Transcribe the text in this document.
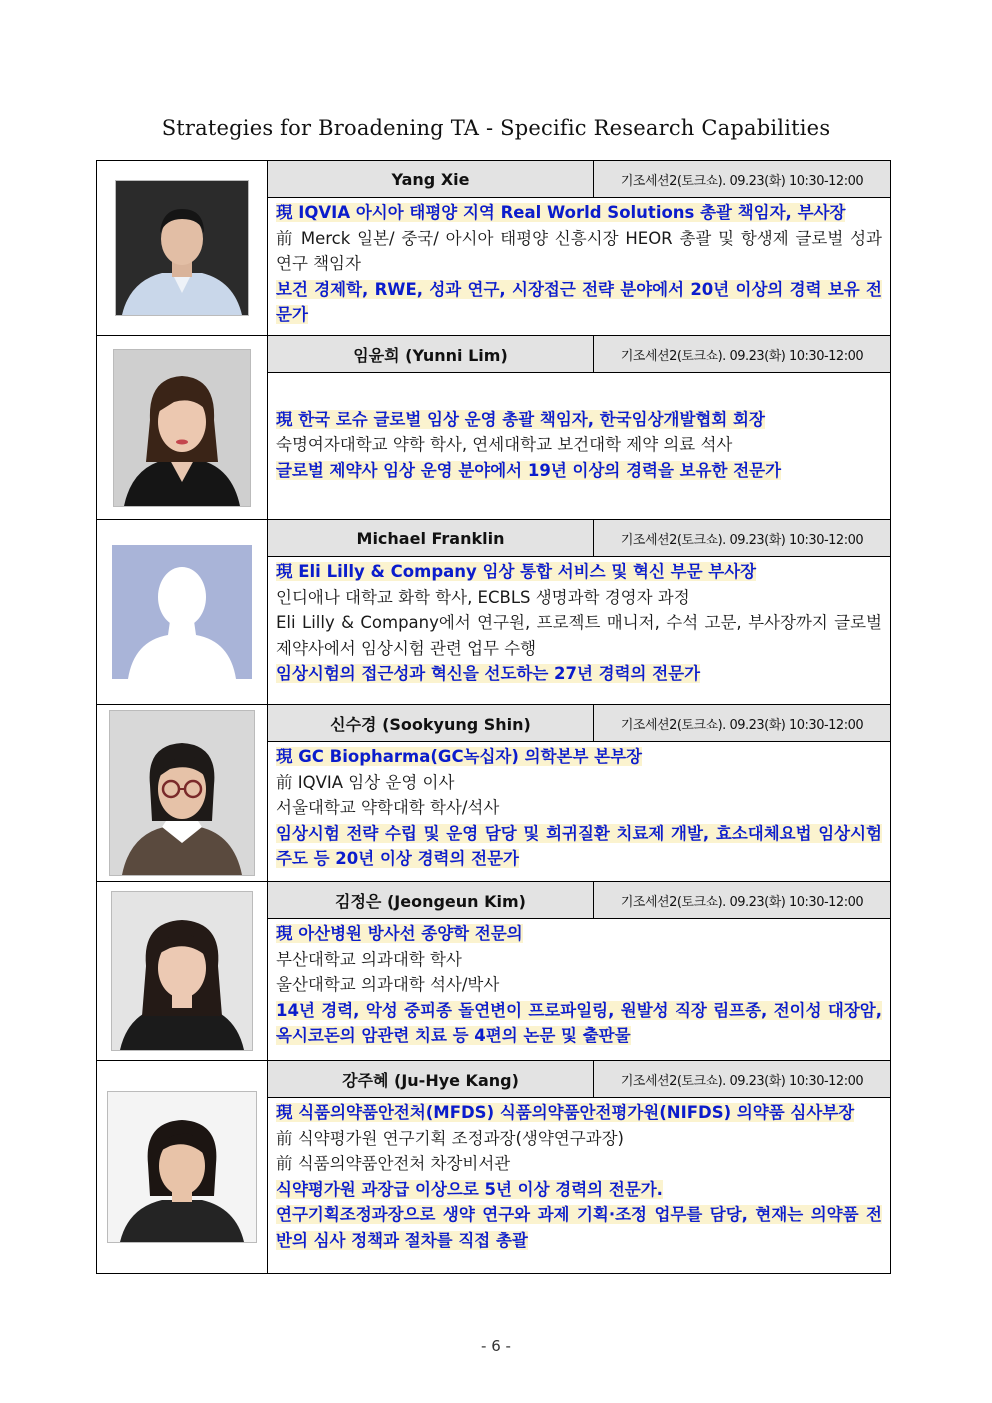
Strategies for Broadening TA - Specific Research Capabilities
	Yang Xie	기조세션2(토크쇼). 09.23(화) 10:30-12:00

	現 IQVIA 아시아 태평양 지역 Real World Solutions 총괄 책임자, 부사장
前 Merck 일본/ 중국/ 아시아 태평양 신흥시장 HEOR 총괄 및 항생제 글로벌 성과 연구 책임자
보건 경제학, RWE, 성과 연구, 시장접근 전략 분야에서 20년 이상의 경력 보유 전문가	

	임윤희 (Yunni Lim)	기조세션2(토크쇼). 09.23(화) 10:30-12:00

	現 한국 로슈 글로벌 임상 운영 총괄 책임자, 한국임상개발협회 회장
숙명여자대학교 약학 학사, 연세대학교 보건대학 제약 의료 석사
글로벌 제약사 임상 운영 분야에서 19년 이상의 경력을 보유한 전문가	

	Michael Franklin	기조세션2(토크쇼). 09.23(화) 10:30-12:00

	現 Eli Lilly & Company 임상 통합 서비스 및 혁신 부문 부사장
인디애나 대학교 화학 학사, ECBLS 생명과학 경영자 과정
Eli Lilly & Company에서 연구원, 프로젝트 매니저, 수석 고문, 부사장까지 글로벌 제약사에서 임상시험 관련 업무 수행
임상시험의 접근성과 혁신을 선도하는 27년 경력의 전문가	

	신수경 (Sookyung Shin)	기조세션2(토크쇼). 09.23(화) 10:30-12:00

	現 GC Biopharma(GC녹십자) 의학본부 본부장
前 IQVIA 임상 운영 이사
서울대학교 약학대학 학사/석사
임상시험 전략 수립 및 운영 담당 및 희귀질환 치료제 개발, 효소대체요법 임상시험 주도 등 20년 이상 경력의 전문가	

	김정은 (Jeongeun Kim)	기조세션2(토크쇼). 09.23(화) 10:30-12:00

	現 아산병원 방사선 종양학 전문의
부산대학교 의과대학 학사
울산대학교 의과대학 석사/박사
14년 경력, 악성 중피종 돌연변이 프로파일링, 원발성 직장 림프종, 전이성 대장암, 옥시코돈의 암관련 치료 등 4편의 논문 및 출판물	

	강주혜 (Ju-Hye Kang)	기조세션2(토크쇼). 09.23(화) 10:30-12:00

	現 식품의약품안전처(MFDS) 식품의약품안전평가원(NIFDS) 의약품 심사부장
前 식약평가원 연구기획 조정과장(생약연구과장)
前 식품의약품안전처 차장비서관
식약평가원 과장급 이상으로 5년 이상 경력의 전문가.
연구기획조정과장으로 생약 연구와 과제 기획·조정 업무를 담당, 현재는 의약품 전반의 심사 정책과 절차를 직접 총괄	
- 6 -
